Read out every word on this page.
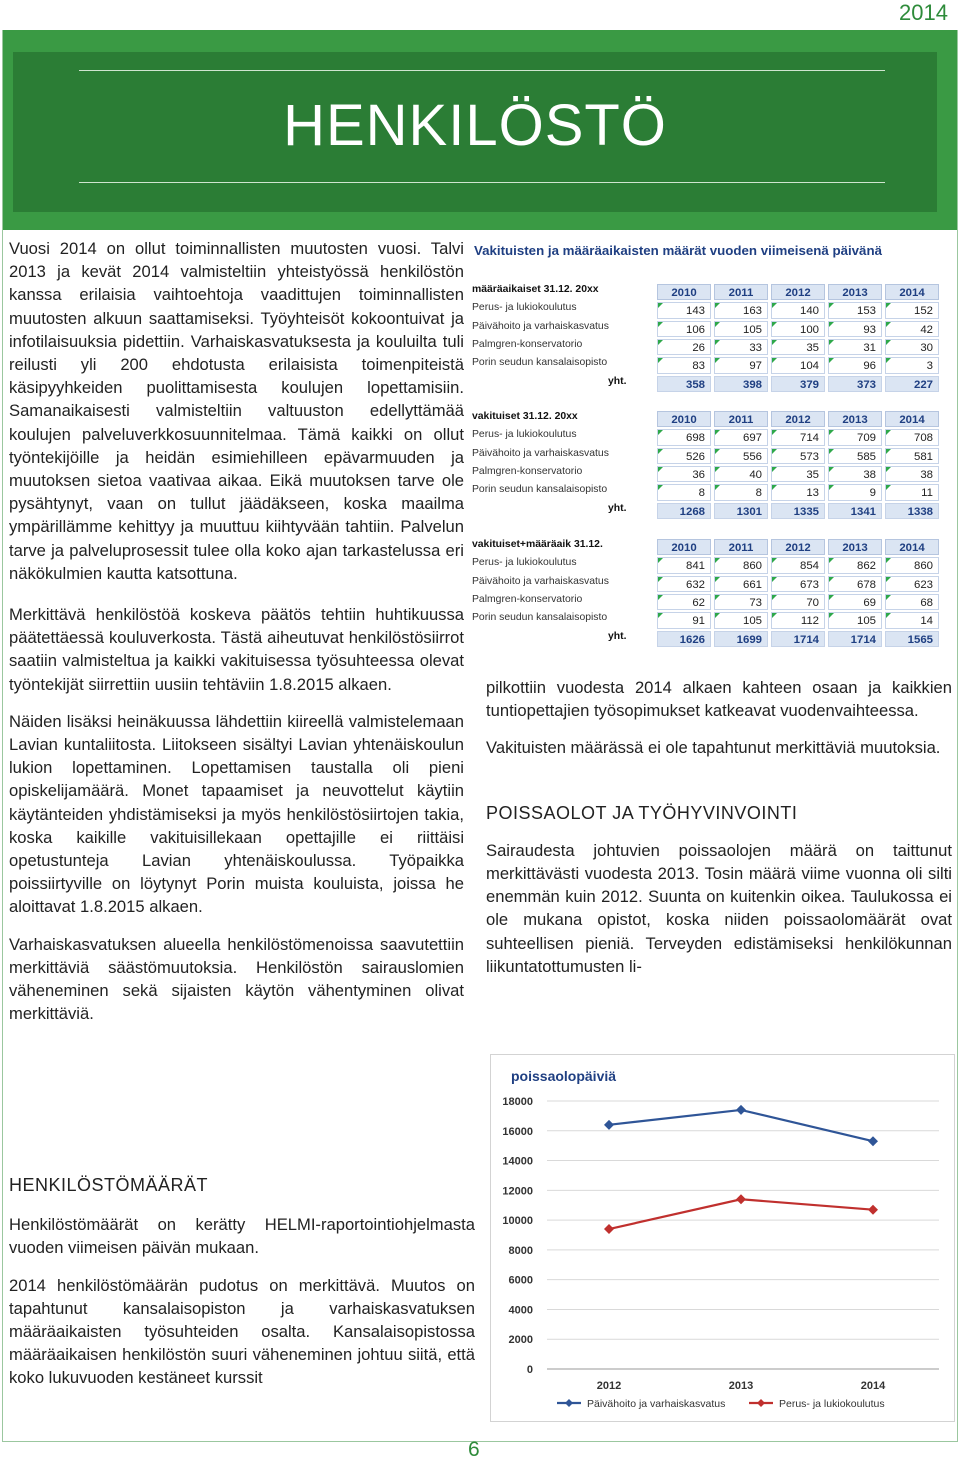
2014
HENKILÖSTÖ

Vuosi 2014 on ollut toiminnallisten muutosten vuosi. Talvi 2013 ja kevät 2014 valmisteltiin yhteistyössä henkilöstön kanssa erilaisia vaihtoehtoja vaadittujen toiminnallisten muutosten alkuun saattamiseksi. Työyhteisöt kokoontuivat ja infotilaisuuksia pidettiin. Varhaiskasvatuksesta ja kouluilta tuli reilusti yli 200 ehdotusta erilaisista toimenpiteistä käsipyyhkeiden puolittamisesta koulujen lopettamisiin. Samanaikaisesti valmisteltiin valtuuston edellyttämää koulujen palveluverkkosuunnitelmaa. Tämä kaikki on ollut työntekijöille ja heidän esimiehilleen epävarmuuden ja muutoksen sietoa vaativaa aikaa. Eikä muutoksen tarve ole pysähtynyt, vaan on tullut jäädäkseen, koska maailma ympärillämme kehittyy ja muuttuu kiihtyvään tahtiin. Palvelun tarve ja palveluprosessit tulee olla koko ajan tarkastelussa eri näkökulmien kautta katsottuna.

Merkittävä henkilöstöä koskeva päätös tehtiin huhtikuussa päätettäessä kouluverkosta. Tästä aiheutuvat henkilöstösiirrot saatiin valmisteltua ja kaikki vakituisessa työsuhteessa olevat työntekijät siirrettiin uusiin tehtäviin 1.8.2015 alkaen.

Näiden lisäksi heinäkuussa lähdettiin kiireellä valmistelemaan Lavian kuntaliitosta. Liitokseen sisältyi Lavian yhtenäiskoulun lukion lopettaminen. Lopettamisen taustalla oli pieni opiskelijamäärä. Monet tapaamiset ja neuvottelut käytiin käytänteiden yhdistämiseksi ja myös henkilöstösiirtojen takia, koska kaikille vakituisillekaan opettajille ei riittäisi opetustunteja Lavian yhtenäiskoulussa. Työpaikka poissiirtyville on löytynyt Porin muista kouluista, joissa he aloittavat 1.8.2015 alkaen.

Varhaiskasvatuksen alueella henkilöstömenoissa saavutettiin merkittäviä säästömuutoksia. Henkilöstön sairauslomien väheneminen sekä sijaisten käytön vähentyminen olivat merkittäviä.

HENKILÖSTÖMÄÄRÄT

Henkilöstömäärät on kerätty HELMI-raportointiohjelmasta vuoden viimeisen päivän mukaan.

2014 henkilöstömäärän pudotus on merkittävä. Muutos on tapahtunut kansalaisopiston ja varhaiskasvatuksen määräaikaisten työsuhteiden osalta. Kansalaisopistossa määräaikaisen henkilöstön suuri väheneminen johtuu siitä, että koko lukuvuoden kestäneet kurssit

pilkottiin vuodesta 2014 alkaen kahteen osaan ja kaikkien tuntiopettajien työsopimukset katkeavat vuodenvaihteessa.

Vakituisten määrässä ei ole tapahtunut merkittäviä muutoksia.

POISSAOLOT JA TYÖHYVINVOINTI

Sairaudesta johtuvien poissaolojen määrä on taittunut merkittävästi vuodesta 2013. Tosin määrä viime vuonna oli silti enemmän kuin 2012. Suunta on kuitenkin oikea. Taulukossa ei ole mukana opistot, koska niiden poissaolomäärät ovat suhteellisen pieniä. Terveyden edistämiseksi henkilökunnan liikuntatottumusten li-

Vakituisten ja määräaikaisten määrät vuoden viimeisenä päivänä
määräaikaiset 31.12. 20xx	2010	2011	2012	2013	2014
Perus- ja lukiokoulutus	143	163	140	153	152
Päivähoito ja varhaiskasvatus	106	105	100	93	42
Palmgren-konservatorio	26	33	35	31	30
Porin seudun kansalaisopisto	83	97	104	96	3
yht.	358	398	379	373	227
vakituiset 31.12. 20xx	2010	2011	2012	2013	2014
Perus- ja lukiokoulutus	698	697	714	709	708
Päivähoito ja varhaiskasvatus	526	556	573	585	581
Palmgren-konservatorio	36	40	35	38	38
Porin seudun kansalaisopisto	8	8	13	9	11
yht.	1268	1301	1335	1341	1338
vakituiset+määräaik 31.12.	2010	2011	2012	2013	2014
Perus- ja lukiokoulutus	841	860	854	862	860
Päivähoito ja varhaiskasvatus	632	661	673	678	623
Palmgren-konservatorio	62	73	70	69	68
Porin seudun kansalaisopisto	91	105	112	105	14
yht.	1626	1699	1714	1714	1565
poissaolopäiviä
0
2000
4000
6000
8000
10000
12000
14000
16000
18000
2012	2013	2014
Päivähoito ja varhaiskasvatus	Perus- ja lukiokoulutus
6
